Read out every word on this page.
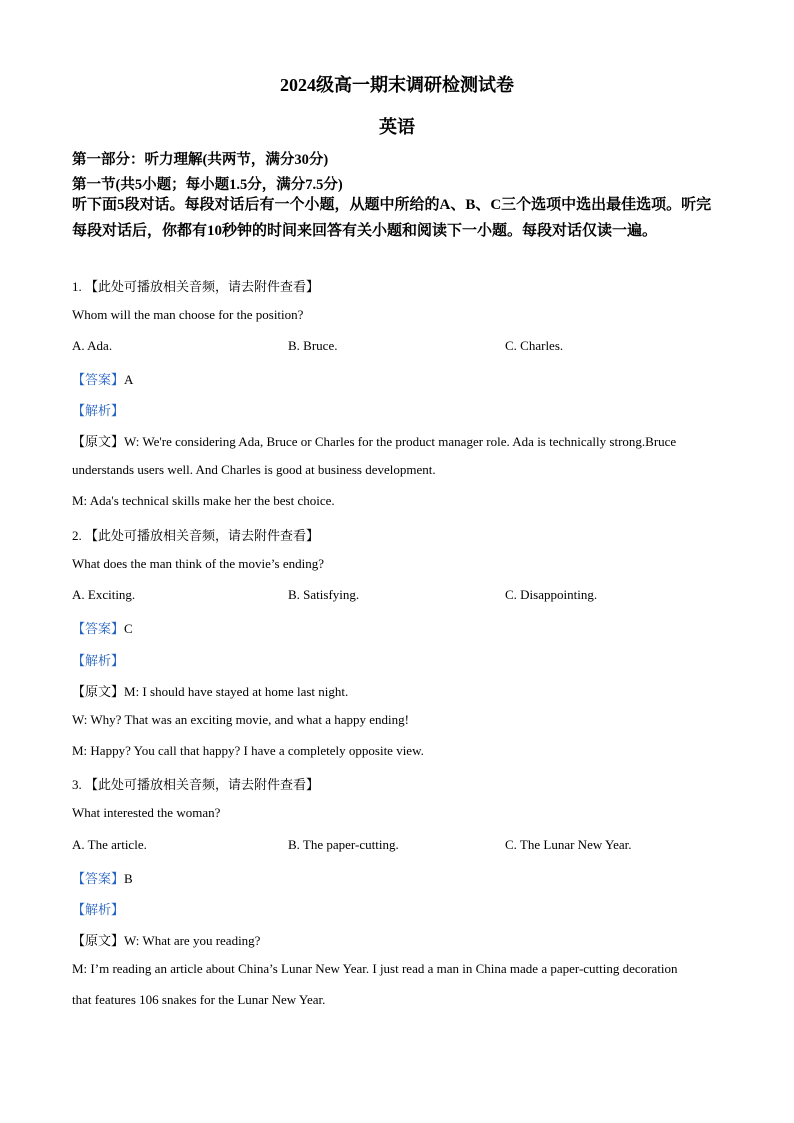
2024级高一期末调研检测试卷
英语
第一部分：听力理解(共两节，满分30分)
第一节(共5小题；每小题1.5分，满分7.5分)
听下面5段对话。每段对话后有一个小题，从题中所给的A、B、C三个选项中选出最佳选项。听完每段对话后，你都有10秒钟的时间来回答有关小题和阅读下一小题。每段对话仅读一遍。
1. 【此处可播放相关音频，请去附件查看】
Whom will the man choose for the position?
A. Ada.	B. Bruce.	C. Charles.
【答案】A
【解析】
【原文】W: We're considering Ada, Bruce or Charles for the product manager role. Ada is technically strong.Bruce
understands users well. And Charles is good at business development.
M: Ada's technical skills make her the best choice.
2. 【此处可播放相关音频，请去附件查看】
What does the man think of the movie’s ending?
A. Exciting.	B. Satisfying.	C. Disappointing.
【答案】C
【解析】
【原文】M: I should have stayed at home last night.
W: Why? That was an exciting movie, and what a happy ending!
M: Happy? You call that happy? I have a completely opposite view.
3. 【此处可播放相关音频，请去附件查看】
What interested the woman?
A. The article.	B. The paper-cutting.	C. The Lunar New Year.
【答案】B
【解析】
【原文】W: What are you reading?
M: I’m reading an article about China’s Lunar New Year. I just read a man in China made a paper-cutting decoration
that features 106 snakes for the Lunar New Year.
